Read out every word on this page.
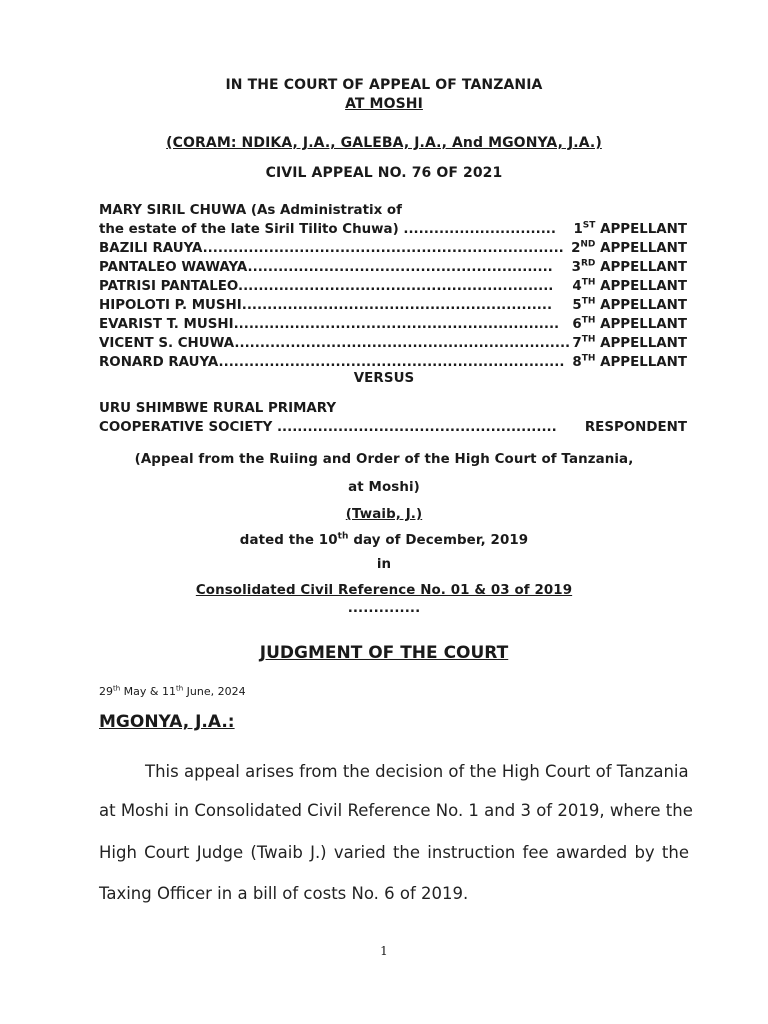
IN THE COURT OF APPEAL OF TANZANIA
AT MOSHI
(CORAM: NDIKA, J.A., GALEBA, J.A., And MGONYA, J.A.)
CIVIL APPEAL NO. 76 OF 2021
MARY SIRIL CHUWA (As Administratix of
the estate of the late Siril Tilito Chuwa) ..............................	1ST APPELLANT
BAZILI RAUYA....................................................................... 2ND APPELLANT
PANTALEO WAWAYA............................................................	3RD APPELLANT
PATRISI PANTALEO..............................................................	4TH APPELLANT
HIPOLOTI P. MUSHI.............................................................	5TH APPELLANT
EVARIST T. MUSHI................................................................ 6TH APPELLANT
VICENT S. CHUWA.................................................................. 7TH APPELLANT
RONARD RAUYA.................................................................... 8TH APPELLANT
VERSUS
URU SHIMBWE RURAL PRIMARY
COOPERATIVE SOCIETY .......................................................	RESPONDENT
(Appeal from the Ruiing and Order of the High Court of Tanzania,
at Moshi)
(Twaib, J.)
dated the 10th day of December, 2019
in
Consolidated Civil Reference No. 01 & 03 of 2019
..............
JUDGMENT OF THE COURT
29th May & 11th June, 2024
MGONYA, J.A.:
This appeal arises from the decision of the High Court of Tanzania
at Moshi in Consolidated Civil Reference No. 1 and 3 of 2019, where the
High Court Judge (Twaib J.) varied the instruction fee awarded by the
Taxing Officer in a bill of costs No. 6 of 2019.
1
